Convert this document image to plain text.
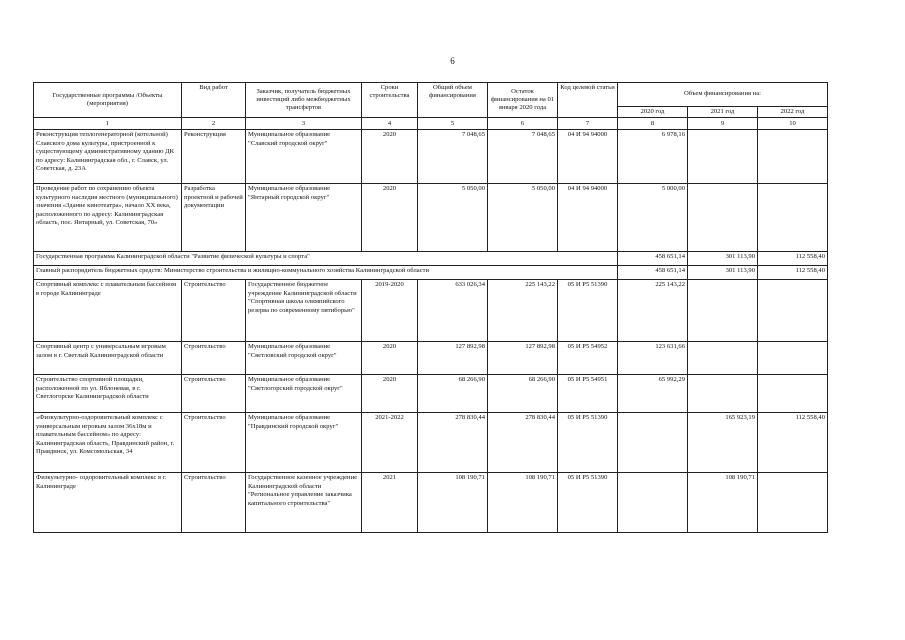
6
Государственные программы /Объекты (мероприятия)	Вид работ	Заказчик, получатель бюджетных инвестиций либо межбюджетных трансфертов	Сроки строительства	Общий объем финансирования	Остаток финансирования на 01 января 2020 года	Код целевой статьи	Объем финансирования на:		
							2020 год	2021 год	2022 год
1	2	3	4	5	6	7	8	9	10
Реконструкция теплогенераторной (котельной) Славского дома культуры, пристроенной к существующему административному зданию ДК по адресу: Калининградская обл., г. Славск, ул. Советская, д. 23А	Реконструкция	Муниципальное образование "Славский городской округ"	2020	7 048,65	7 048,65	04 И 94 94000	6 978,16		
Проведение работ по сохранению объекта культурного наследия местного (муниципального) значения «Здание кинотеатра», начало XX века, расположенного по адресу: Калининградская область, пос. Янтарный, ул. Советская, 70»	Разработка проектной и рабочей документации	Муниципальное образование "Янтарный городской округ"	2020	5 050,00	5 050,00	04 И 94 94000	5 000,00		
Государственная программа Калининградской области "Развитие физической культуры и спорта"							458 651,14	301 113,90	112 558,40
Главный распорядитель бюджетных средств: Министерство строительства и жилищно-коммунального хозяйства Калининградской области							458 651,14	301 113,90	112 558,40
Спортивный комплекс с плавательным бассейном в городе Калининграде	Строительство	Государственное бюджетное учреждение Калининградской области "Спортивная школа олимпийского резерва по современному пятиборью"	2019-2020	633 026,34	225 143,22	05 И Р5 51390	225 143,22		
Спортивный центр с универсальным игровым залом в г. Светлый Калининградской области	Строительство	Муниципальное образование "Светловский городской округ"	2020	127 892,98	127 892,98	05 И Р5 54952	123 631,66		
Строительство спортивной площадки, расположенной по ул. Яблоневая, в г. Светлогорске Калининградской области	Строительство	Муниципальное образование "Светлогорский городской округ"	2020	68 266,90	68 266,90	05 И Р5 54951	65 992,29		
«Физкультурно-оздоровительный комплекс с универсальным игровым залом 36х18м и плавательным бассейном» по адресу: Калининградская область, Правдинский район, г. Правдинск, ул. Комсомольская, 34	Строительство	Муниципальное образование "Правдинский городской округ"	2021-2022	278 830,44	278 830,44	05 И Р5 51390		165 923,19	112 558,40
Физкультурно- оздоровительный комплекс в г. Калининграде	Строительство	Государственное казенное учреждение Калининградской области "Региональное управление заказчика капитального строительства"	2021	108 190,71	108 190,71	05 И Р5 51390		108 190,71	
